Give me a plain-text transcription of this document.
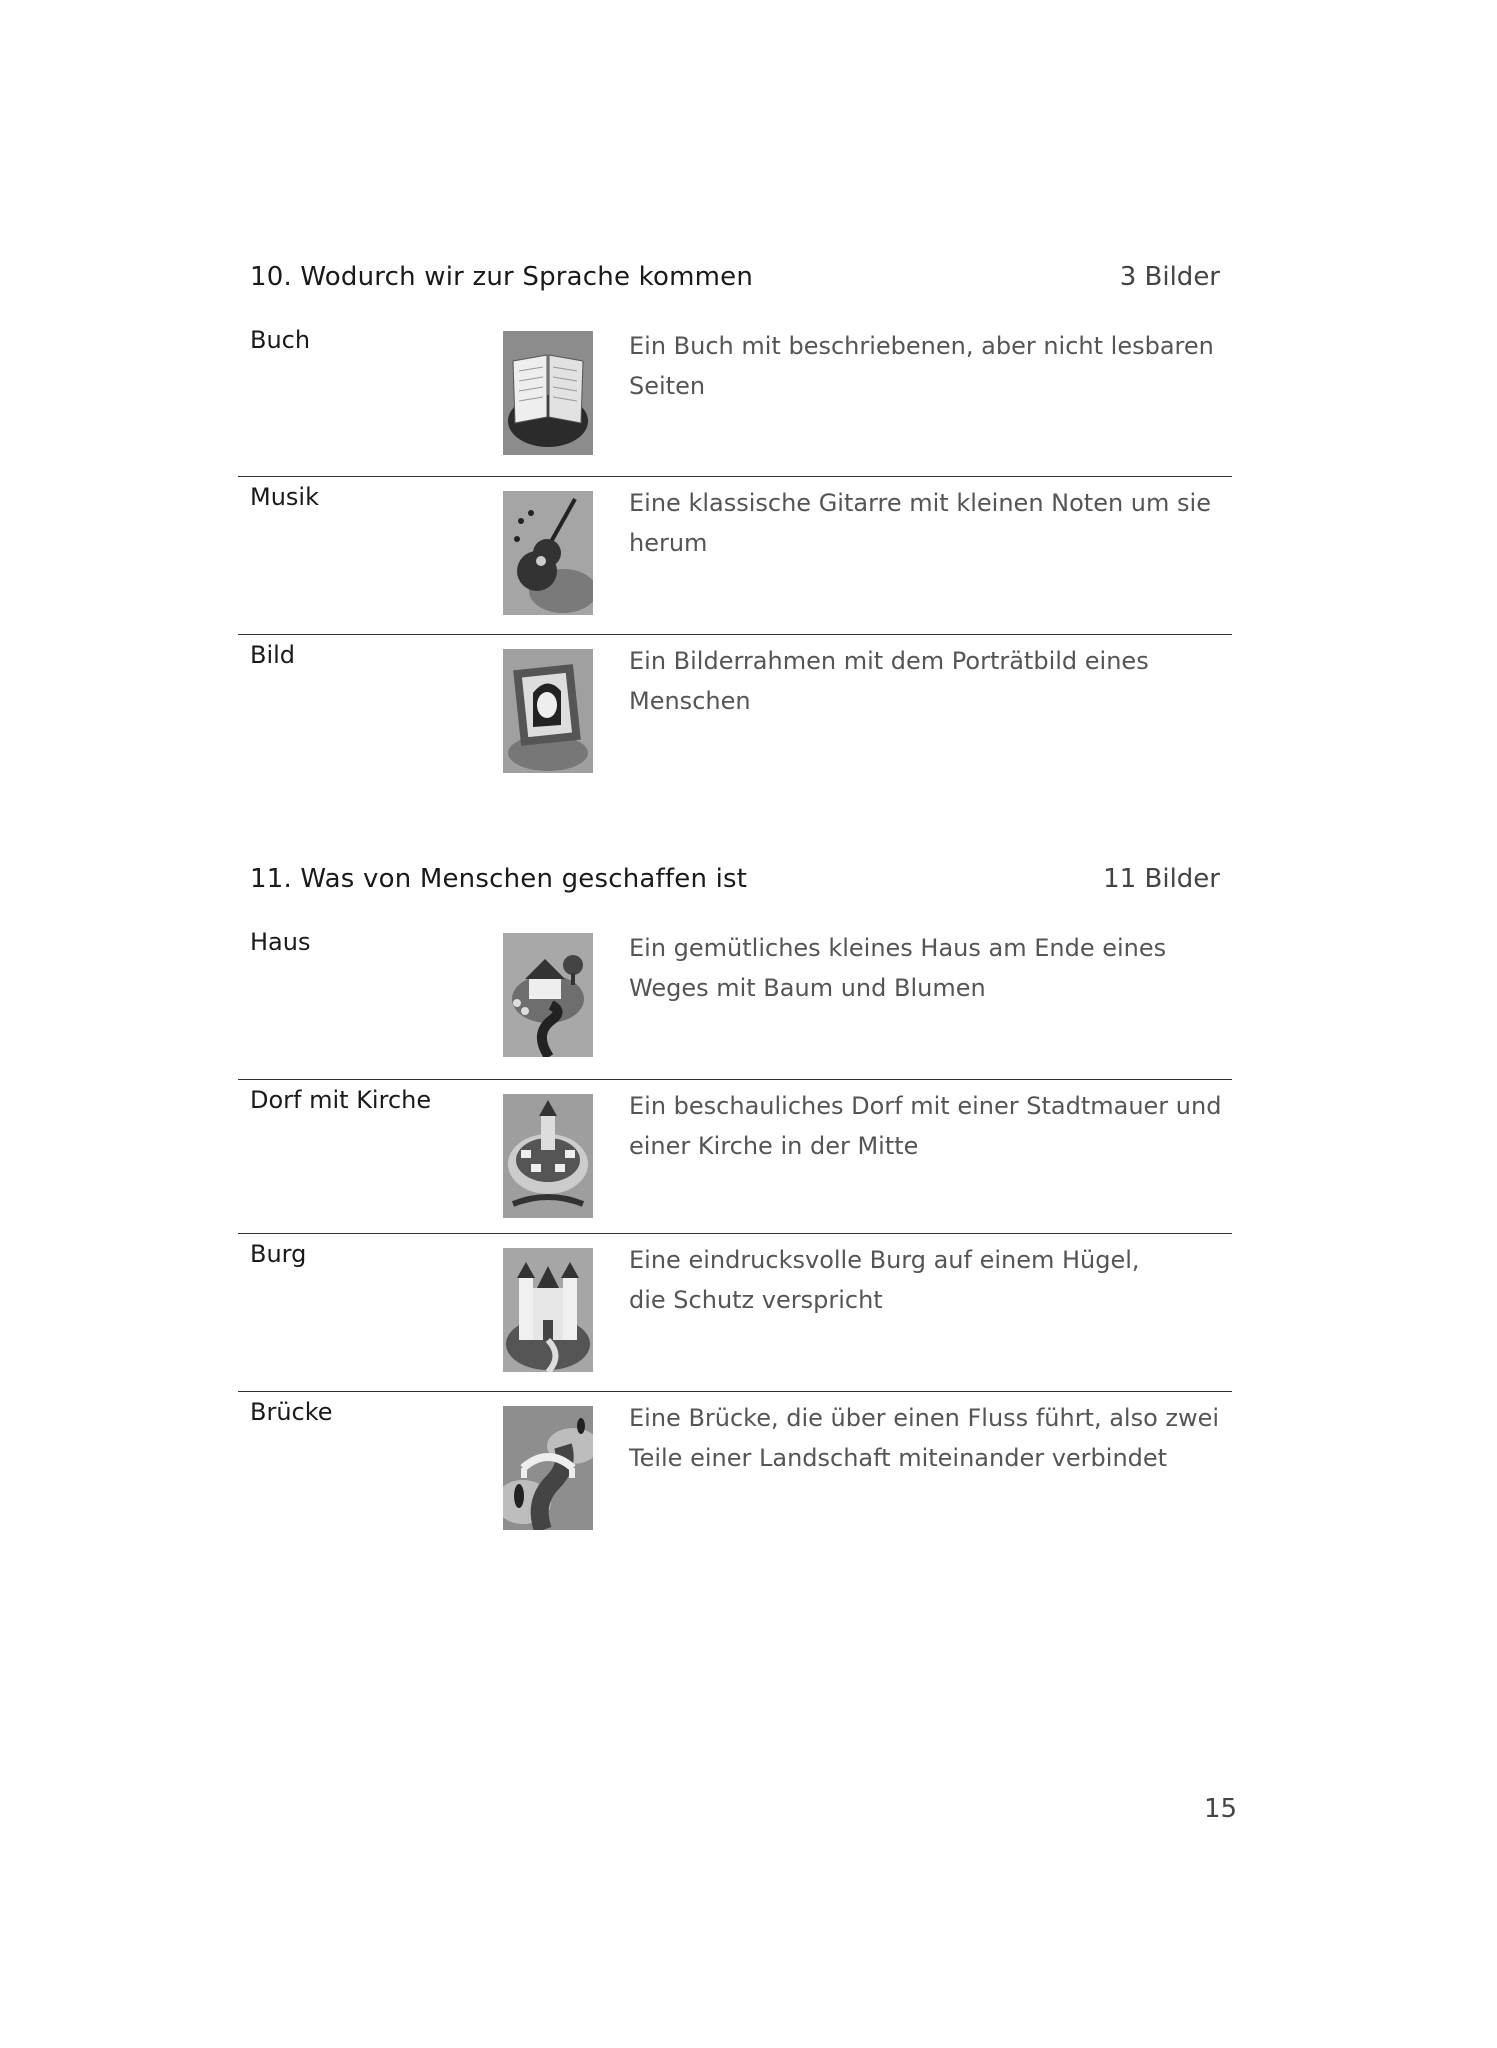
10. Wodurch wir zur Sprache kommen	3 Bilder
Buch	Ein Buch mit beschriebenen, aber nicht lesbaren
Seiten
Musik	Eine klassische Gitarre mit kleinen Noten um sie
herum
Bild	Ein Bilderrahmen mit dem Porträtbild eines
Menschen
11. Was von Menschen geschaffen ist	11 Bilder
Haus	Ein gemütliches kleines Haus am Ende eines
Weges mit Baum und Blumen
Dorf mit Kirche	Ein beschauliches Dorf mit einer Stadtmauer und
einer Kirche in der Mitte
Burg	Eine eindrucksvolle Burg auf einem Hügel,
die Schutz verspricht
Brücke	Eine Brücke, die über einen Fluss führt, also zwei
Teile einer Landschaft miteinander verbindet
15
